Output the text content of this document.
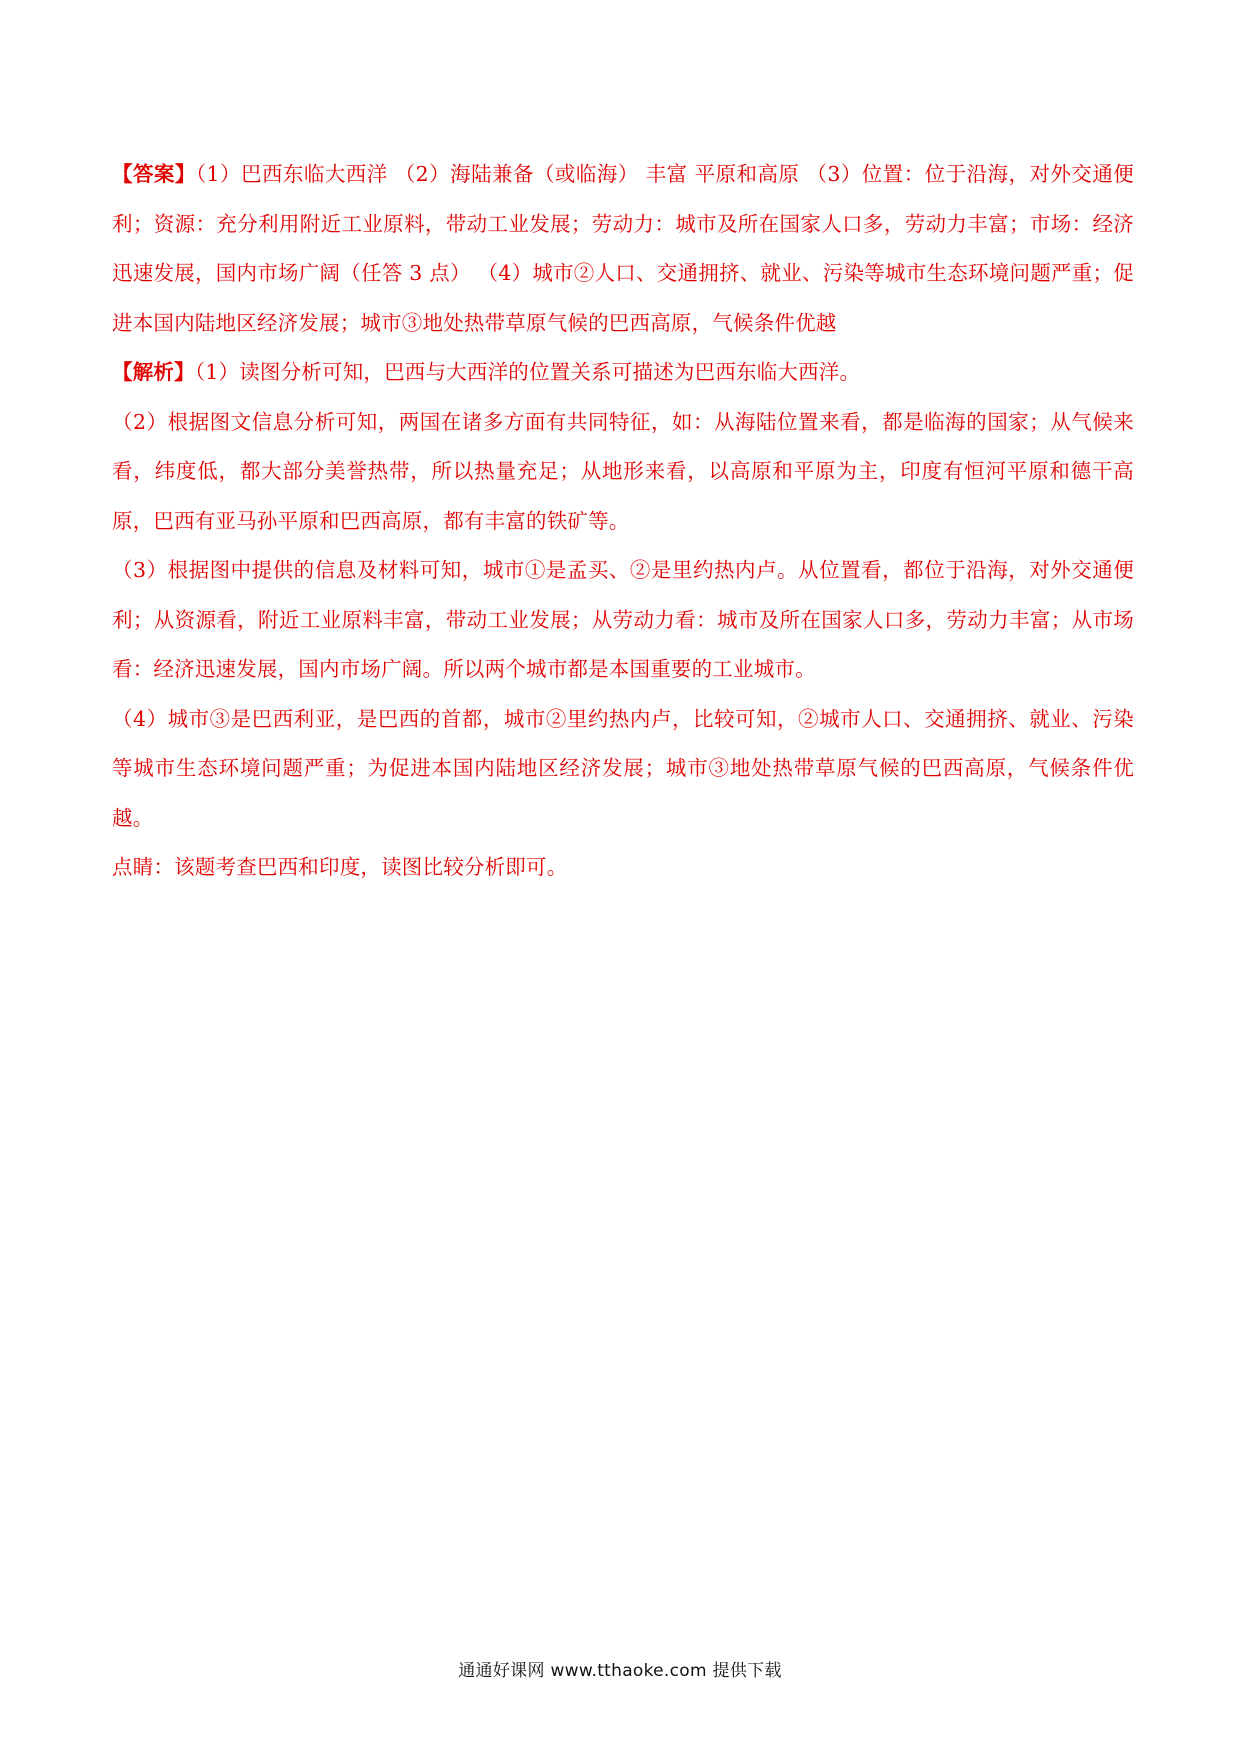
【答案】（1）巴西东临大西洋 （2）海陆兼备（或临海） 丰富 平原和高原 （3）位置：位于沿海，对外交通便利；资源：充分利用附近工业原料，带动工业发展；劳动力：城市及所在国家人口多，劳动力丰富；市场：经济迅速发展，国内市场广阔（任答 3 点） （4）城市②人口、交通拥挤、就业、污染等城市生态环境问题严重；促进本国内陆地区经济发展；城市③地处热带草原气候的巴西高原，气候条件优越

【解析】（1）读图分析可知，巴西与大西洋的位置关系可描述为巴西东临大西洋。

（2）根据图文信息分析可知，两国在诸多方面有共同特征，如：从海陆位置来看，都是临海的国家；从气候来看，纬度低，都大部分美誉热带，所以热量充足；从地形来看，以高原和平原为主，印度有恒河平原和德干高原，巴西有亚马孙平原和巴西高原，都有丰富的铁矿等。

（3）根据图中提供的信息及材料可知，城市①是孟买、②是里约热内卢。从位置看，都位于沿海，对外交通便利；从资源看，附近工业原料丰富，带动工业发展；从劳动力看：城市及所在国家人口多，劳动力丰富；从市场看：经济迅速发展，国内市场广阔。所以两个城市都是本国重要的工业城市。

（4）城市③是巴西利亚，是巴西的首都，城市②里约热内卢，比较可知，②城市人口、交通拥挤、就业、污染等城市生态环境问题严重；为促进本国内陆地区经济发展；城市③地处热带草原气候的巴西高原，气候条件优越。

点睛：该题考查巴西和印度，读图比较分析即可。

通通好课网 www.tthaoke.com 提供下载
